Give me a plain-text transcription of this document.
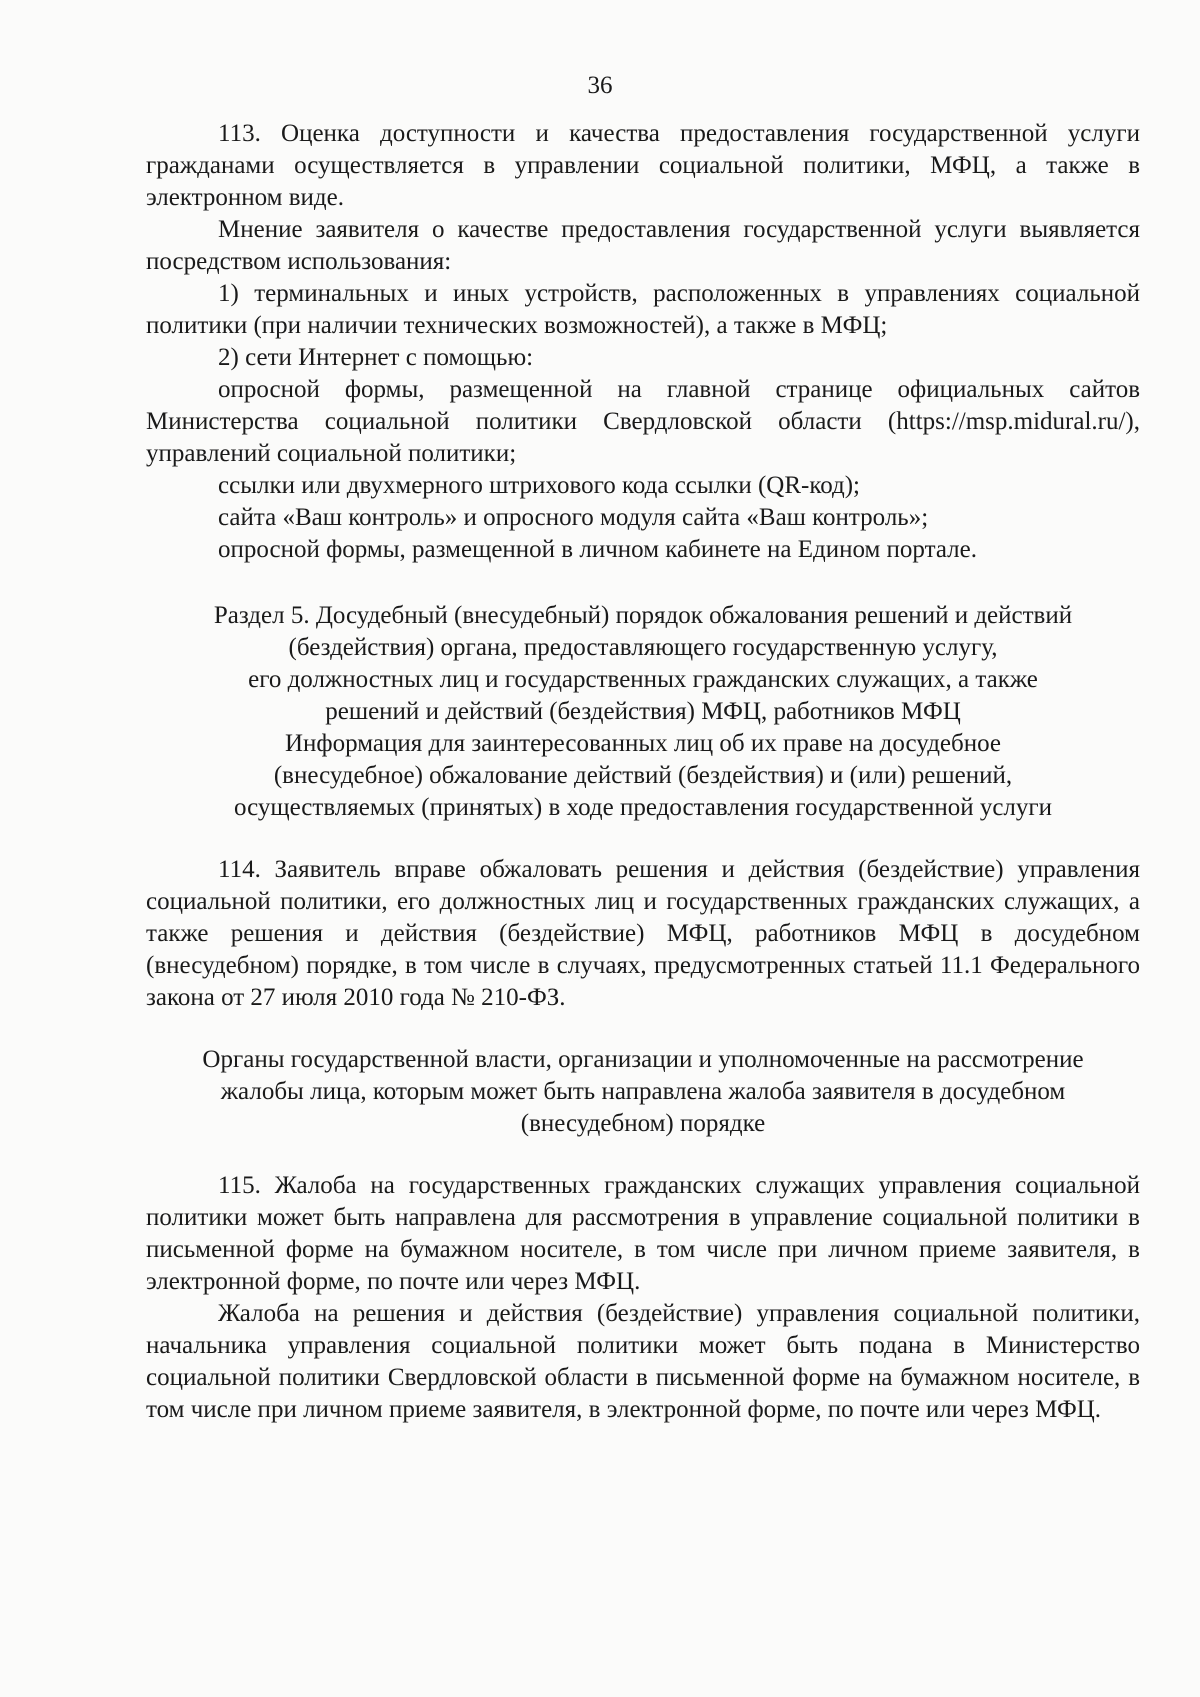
36

113. Оценка доступности и качества предоставления государственной услуги гражданами осуществляется в управлении социальной политики, МФЦ, а также в электронном виде.

Мнение заявителя о качестве предоставления государственной услуги выявляется посредством использования:

1) терминальных и иных устройств, расположенных в управлениях социальной политики (при наличии технических возможностей), а также в МФЦ;

2) сети Интернет с помощью:

опросной формы, размещенной на главной странице официальных сайтов Министерства социальной политики Свердловской области (https://msp.midural.ru/), управлений социальной политики;

ссылки или двухмерного штрихового кода ссылки (QR-код);

сайта «Ваш контроль» и опросного модуля сайта «Ваш контроль»;

опросной формы, размещенной в личном кабинете на Едином портале.

Раздел 5. Досудебный (внесудебный) порядок обжалования решений и действий
(бездействия) органа, предоставляющего государственную услугу,
его должностных лиц и государственных гражданских служащих, а также
решений и действий (бездействия) МФЦ, работников МФЦ
Информация для заинтересованных лиц об их праве на досудебное
(внесудебное) обжалование действий (бездействия) и (или) решений,
осуществляемых (принятых) в ходе предоставления государственной услуги

114. Заявитель вправе обжаловать решения и действия (бездействие) управления социальной политики, его должностных лиц и государственных гражданских служащих, а также решения и действия (бездействие) МФЦ, работников МФЦ в досудебном (внесудебном) порядке, в том числе в случаях, предусмотренных статьей 11.1 Федерального закона от 27 июля 2010 года № 210-ФЗ.

Органы государственной власти, организации и уполномоченные на рассмотрение
жалобы лица, которым может быть направлена жалоба заявителя в досудебном
(внесудебном) порядке

115. Жалоба на государственных гражданских служащих управления социальной политики может быть направлена для рассмотрения в управление социальной политики в письменной форме на бумажном носителе, в том числе при личном приеме заявителя, в электронной форме, по почте или через МФЦ.

Жалоба на решения и действия (бездействие) управления социальной политики, начальника управления социальной политики может быть подана в Министерство социальной политики Свердловской области в письменной форме на бумажном носителе, в том числе при личном приеме заявителя, в электронной форме, по почте или через МФЦ.
